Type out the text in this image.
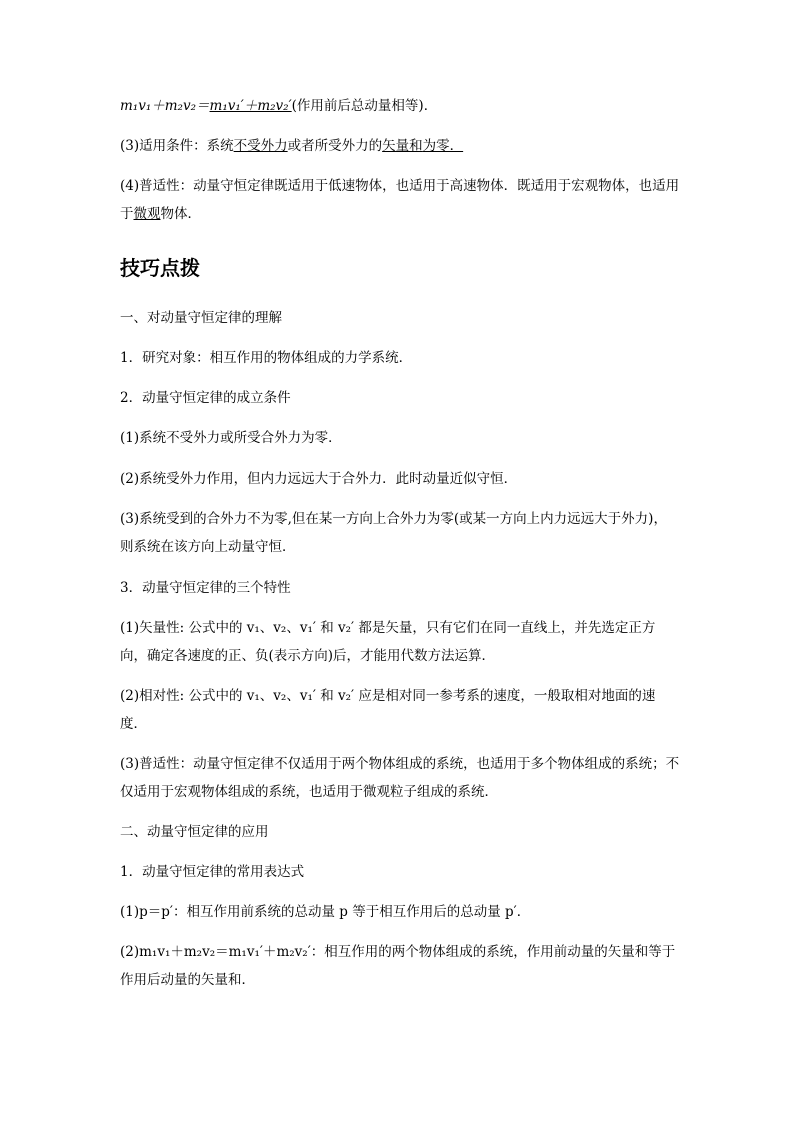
m₁v₁＋m₂v₂＝m₁v₁′＋m₂v₂′(作用前后总动量相等)．
(3)适用条件：系统不受外力或者所受外力的矢量和为零．
(4)普适性：动量守恒定律既适用于低速物体，也适用于高速物体．既适用于宏观物体，也适用于微观物体．
技巧点拨
一、对动量守恒定律的理解
1．研究对象：相互作用的物体组成的力学系统．
2．动量守恒定律的成立条件
(1)系统不受外力或所受合外力为零．
(2)系统受外力作用，但内力远远大于合外力．此时动量近似守恒．
(3)系统受到的合外力不为零,但在某一方向上合外力为零(或某一方向上内力远远大于外力)，则系统在该方向上动量守恒．
3．动量守恒定律的三个特性
(1)矢量性: 公式中的 v₁、v₂、v₁′ 和 v₂′ 都是矢量，只有它们在同一直线上，并先选定正方向，确定各速度的正、负(表示方向)后，才能用代数方法运算．
(2)相对性: 公式中的 v₁、v₂、v₁′ 和 v₂′ 应是相对同一参考系的速度，一般取相对地面的速度．
(3)普适性：动量守恒定律不仅适用于两个物体组成的系统，也适用于多个物体组成的系统；不仅适用于宏观物体组成的系统，也适用于微观粒子组成的系统．
二、动量守恒定律的应用
1．动量守恒定律的常用表达式
(1)p＝p′：相互作用前系统的总动量 p 等于相互作用后的总动量 p′．
(2)m₁v₁＋m₂v₂＝m₁v₁′＋m₂v₂′：相互作用的两个物体组成的系统，作用前动量的矢量和等于作用后动量的矢量和．
